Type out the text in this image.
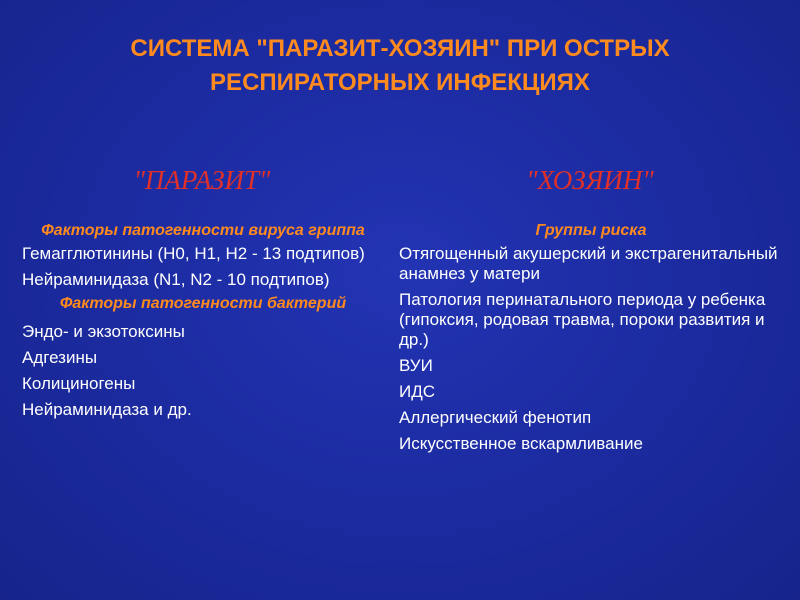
СИСТЕМА "ПАРАЗИТ-ХОЗЯИН" ПРИ ОСТРЫХ
РЕСПИРАТОРНЫХ ИНФЕКЦИЯХ
"ПАРАЗИТ"	"ХОЗЯИН"
Факторы патогенности вируса гриппа
Гемагглютинины (Н0, Н1, Н2 - 13 подтипов)
Нейраминидаза (N1, N2 - 10 подтипов)
Факторы патогенности бактерий
Эндо- и экзотоксины
Адгезины
Колициногены
Нейраминидаза и др.
Группы риска
Отягощенный акушерский и экстрагенитальный анамнез у матери
Патология перинатального периода у ребенка (гипоксия, родовая травма, пороки развития и др.)
ВУИ
ИДС
Аллергический фенотип
Искусственное вскармливание
